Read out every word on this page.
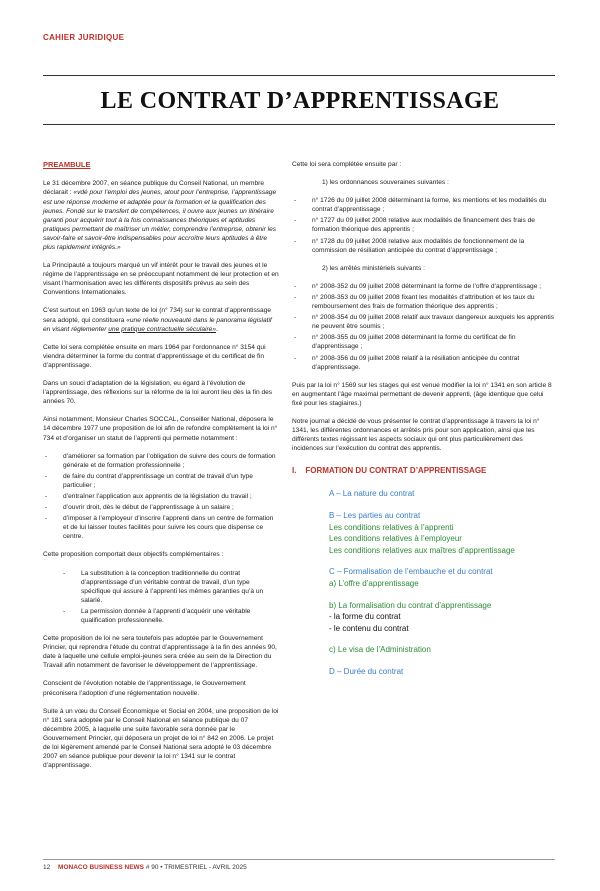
CAHIER JURIDIQUE
LE CONTRAT D’APPRENTISSAGE
PREAMBULE

Le 31 décembre 2007, en séance publique du Conseil National, un membre déclarait : «vdé pour l’emploi des jeunes, atout pour l’entreprise, l’apprentissage est une réponse moderne et adaptée pour la formation et la qualification des jeunes. Fondé sur le transfert de compétences, il ouvre aux jeunes un itinéraire garanti pour acquérir tout à la fois connaissances théoriques et aptitudes pratiques permettant de maîtriser un métier, comprendre l’entreprise, obtenir les savoir-faire et savoir-être indispensables pour accroître leurs aptitudes à être plus rapidement intégrés.»

La Principauté a toujours marqué un vif intérêt pour le travail des jeunes et le régime de l’apprentissage en se préoccupant notamment de leur protection et en visant l’harmonisation avec les différents dispositifs prévus au sein des Conventions Internationales.

C’est surtout en 1963 qu’un texte de loi (n° 734) sur le contrat d’apprentissage sera adopté, qui constituera «une réelle nouveauté dans le panorama législatif en visant réglementer une pratique contractuelle séculaire».

Cette loi sera complétée ensuite en mars 1964 par l’ordonnance n° 3154 qui viendra déterminer la forme du contrat d’apprentissage et du certificat de fin d’apprentissage.

Dans un souci d’adaptation de la législation, eu égard à l’évolution de l’apprentissage, des réflexions sur la réforme de la loi auront lieu dès la fin des années 70.

Ainsi notamment, Monsieur Charles SOCCAL, Conseiller National, déposera le 14 décembre 1977 une proposition de loi afin de refondre complètement la loi n° 734 et d’organiser un statut de l’apprenti qui permette notamment :

- d’améliorer sa formation par l’obligation de suivre des cours de formation générale et de formation professionnelle ;
- de faire du contrat d’apprentissage un contrat de travail d’un type particulier ;
- d’entraîner l’application aux apprentis de la législation du travail ;
- d’ouvrir droit, dès le début de l’apprentissage à un salaire ;
- d’imposer à l’employeur d’inscrire l’apprenti dans un centre de formation et de lui laisser toutes facilités pour suivre les cours que dispense ce centre.

Cette proposition comportait deux objectifs complémentaires :

- La substitution à la conception traditionnelle du contrat d’apprentissage d’un véritable contrat de travail, d’un type spécifique qui assure à l’apprenti les mêmes garanties qu’à un salarié.
- La permission donnée à l’apprenti d’acquérir une véritable qualification professionnelle.

Cette proposition de loi ne sera toutefois pas adoptée par le Gouvernement Princier, qui reprendra l’étude du contrat d’apprentissage à la fin des années 90, date à laquelle une cellule emploi-jeunes sera créée au sein de la Direction du Travail afin notamment de favoriser le développement de l’apprentissage.

Conscient de l’évolution notable de l’apprentissage, le Gouvernement préconisera l’adoption d’une réglementation nouvelle.

Suite à un vœu du Conseil Économique et Social en 2004, une proposition de loi n° 181 sera adoptée par le Conseil National en séance publique du 07 décembre 2005, à laquelle une suite favorable sera donnée par le Gouvernement Princier, qui déposera un projet de loi n° 842 en 2006. Le projet de loi légèrement amendé par le Conseil National sera adopté le 03 décembre 2007 en séance publique pour devenir la loi n° 1341 sur le contrat d’apprentissage.

Cette loi sera complétée ensuite par :

1) les ordonnances souveraines suivantes :

- n° 1726 du 09 juillet 2008 déterminant la forme, les mentions et les modalités du contrat d’apprentissage ;
- n° 1727 du 09 juillet 2008 relative aux modalités de financement des frais de formation théorique des apprentis ;
- n° 1728 du 09 juillet 2008 relative aux modalités de fonctionnement de la commission de résiliation anticipée du contrat d’apprentissage ;

2) les arrêtés ministériels suivants :

- n° 2008-352 du 09 juillet 2008 déterminant la forme de l’offre d’apprentissage ;
- n° 2008-353 du 09 juillet 2008 fixant les modalités d’attribution et les taux du remboursement des frais de formation théorique des apprentis ;
- n° 2008-354 du 09 juillet 2008 relatif aux travaux dangereux auxquels les apprentis ne peuvent être soumis ;
- n° 2008-355 du 09 juillet 2008 déterminant la forme du certificat de fin d’apprentissage ;
- n° 2008-356 du 09 juillet 2008 relatif à la résiliation anticipée du contrat d’apprentissage.

Puis par la loi n° 1569 sur les stages qui est venue modifier la loi n° 1341 en son article 8 en augmentant l’âge maximal permettant de devenir apprenti, (âge identique que celui fixé pour les stagiaires.)

Notre journal a décidé de vous présenter le contrat d’apprentissage à travers la loi n° 1341, les différentes ordonnances et arrêtés pris pour son application, ainsi que les différents textes régissant les aspects sociaux qui ont plus particulièrement des incidences sur l’exécution du contrat des apprentis.

I. FORMATION DU CONTRAT D’APPRENTISSAGE
A – La nature du contrat
B – Les parties au contrat
Les conditions relatives à l’apprenti
Les conditions relatives à l’employeur
Les conditions relatives aux maîtres d’apprentissage
C – Formalisation de l’embauche et du contrat
a) L’offre d’apprentissage
b) La formalisation du contrat d’apprentissage
- la forme du contrat
- le contenu du contrat
c) Le visa de l’Administration
D – Durée du contrat
12 MONACO BUSINESS NEWS # 90 • TRIMESTRIEL - AVRIL 2025
